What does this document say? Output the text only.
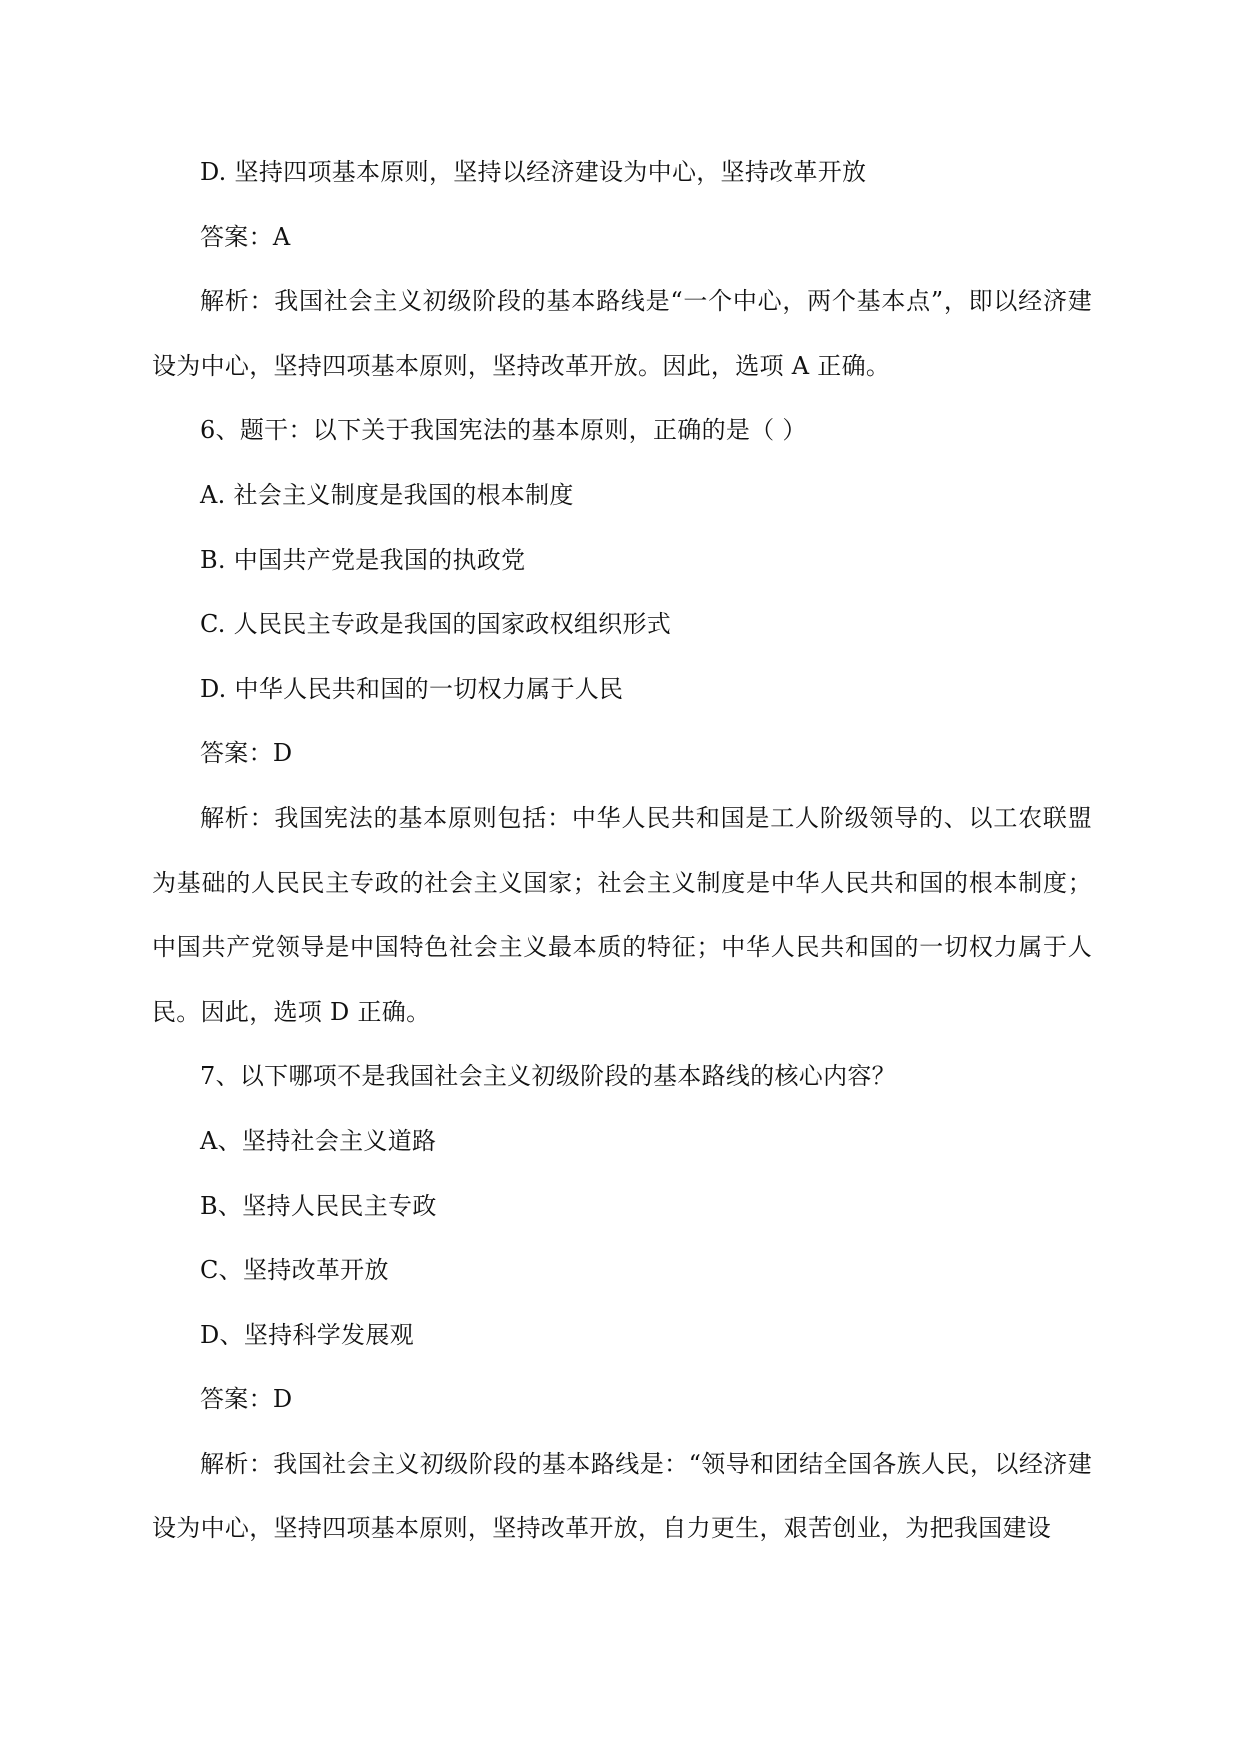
D. 坚持四项基本原则，坚持以经济建设为中心，坚持改革开放
答案：A

解析：我国社会主义初级阶段的基本路线是“一个中心，两个基本点”，即以经济建设为中心，坚持四项基本原则，坚持改革开放。因此，选项 A 正确。

6、题干：以下关于我国宪法的基本原则，正确的是（ ）
A. 社会主义制度是我国的根本制度
B. 中国共产党是我国的执政党
C. 人民民主专政是我国的国家政权组织形式
D. 中华人民共和国的一切权力属于人民
答案：D

解析：我国宪法的基本原则包括：中华人民共和国是工人阶级领导的、以工农联盟为基础的人民民主专政的社会主义国家；社会主义制度是中华人民共和国的根本制度；中国共产党领导是中国特色社会主义最本质的特征；中华人民共和国的一切权力属于人民。因此，选项 D 正确。

7、以下哪项不是我国社会主义初级阶段的基本路线的核心内容？
A、坚持社会主义道路
B、坚持人民民主专政
C、坚持改革开放
D、坚持科学发展观
答案：D

解析：我国社会主义初级阶段的基本路线是：“领导和团结全国各族人民，以经济建设为中心，坚持四项基本原则，坚持改革开放，自力更生，艰苦创业，为把我国建设
